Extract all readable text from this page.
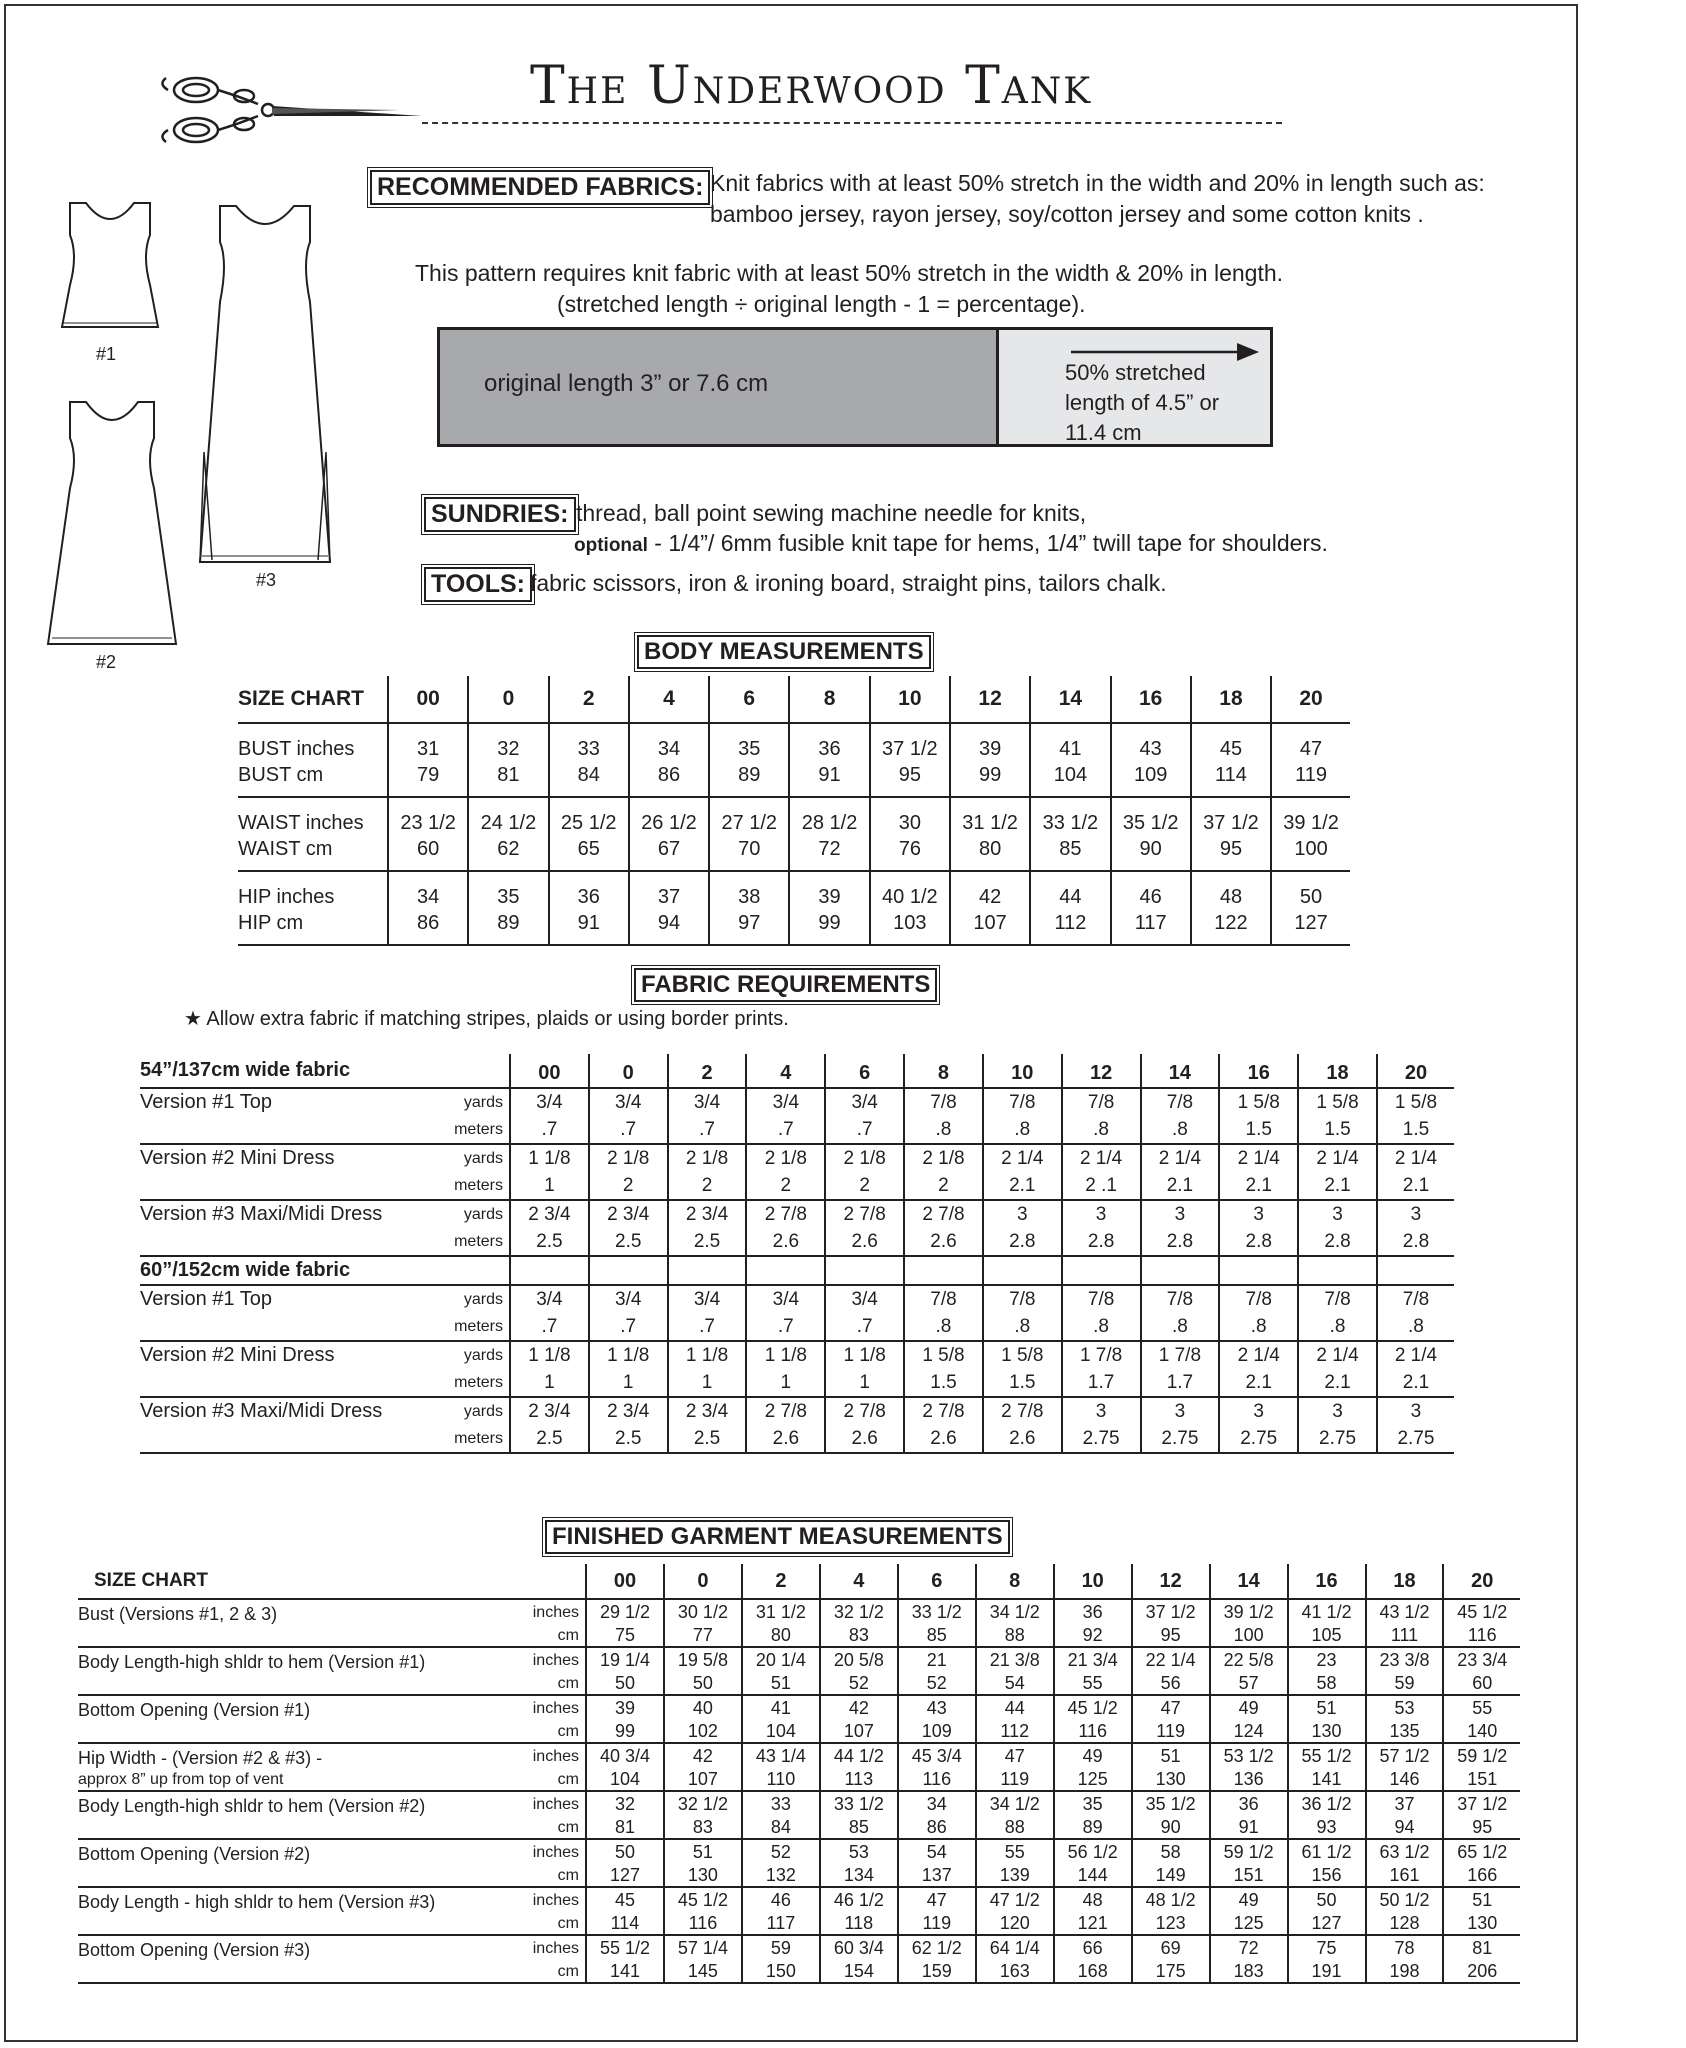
The Underwood Tank
#1
#2
#3
RECOMMENDED FABRICS: Knit fabrics with at least 50% stretch in the width and 20% in length such as:
bamboo jersey, rayon jersey, soy/cotton jersey and some cotton knits .
This pattern requires knit fabric with at least 50% stretch in the width & 20% in length.
(stretched length ÷ original length - 1 = percentage).
original length 3” or 7.6 cm	50% stretched
length of 4.5” or
11.4 cm
SUNDRIES: thread, ball point sewing machine needle for knits,
optional - 1/4”/ 6mm fusible knit tape for hems, 1/4” twill tape for shoulders.
TOOLS: fabric scissors, iron & ironing board, straight pins, tailors chalk.
BODY MEASUREMENTS
SIZE CHART	00	0	2	4	6	8	10	12	14	16	18	20
BUST inches	31	32	33	34	35	36	37 1/2	39	41	43	45	47
BUST cm	79	81	84	86	89	91	95	99	104	109	114	119
WAIST inches	23 1/2	24 1/2	25 1/2	26 1/2	27 1/2	28 1/2	30	31 1/2	33 1/2	35 1/2	37 1/2	39 1/2
WAIST cm	60	62	65	67	70	72	76	80	85	90	95	100
HIP inches	34	35	36	37	38	39	40 1/2	42	44	46	48	50
HIP cm	86	89	91	94	97	99	103	107	112	117	122	127
FABRIC REQUIREMENTS
★ Allow extra fabric if matching stripes, plaids or using border prints.
54”/137cm wide fabric		00	0	2	4	6	8	10	12	14	16	18	20
Version #1 Top	yards	3/4	3/4	3/4	3/4	3/4	7/8	7/8	7/8	7/8	1 5/8	1 5/8	1 5/8
	meters	.7	.7	.7	.7	.7	.8	.8	.8	.8	1.5	1.5	1.5
Version #2 Mini Dress	yards	1 1/8	2 1/8	2 1/8	2 1/8	2 1/8	2 1/8	2 1/4	2 1/4	2 1/4	2 1/4	2 1/4	2 1/4
	meters	1	2	2	2	2	2	2.1	2 .1	2.1	2.1	2.1	2.1
Version #3 Maxi/Midi Dress	yards	2 3/4	2 3/4	2 3/4	2 7/8	2 7/8	2 7/8	3	3	3	3	3	3
	meters	2.5	2.5	2.5	2.6	2.6	2.6	2.8	2.8	2.8	2.8	2.8	2.8
60”/152cm wide fabric													
Version #1 Top	yards	3/4	3/4	3/4	3/4	3/4	7/8	7/8	7/8	7/8	7/8	7/8	7/8
	meters	.7	.7	.7	.7	.7	.8	.8	.8	.8	.8	.8	.8
Version #2 Mini Dress	yards	1 1/8	1 1/8	1 1/8	1 1/8	1 1/8	1 5/8	1 5/8	1 7/8	1 7/8	2 1/4	2 1/4	2 1/4
	meters	1	1	1	1	1	1.5	1.5	1.7	1.7	2.1	2.1	2.1
Version #3 Maxi/Midi Dress	yards	2 3/4	2 3/4	2 3/4	2 7/8	2 7/8	2 7/8	2 7/8	3	3	3	3	3
	meters	2.5	2.5	2.5	2.6	2.6	2.6	2.6	2.75	2.75	2.75	2.75	2.75
FINISHED GARMENT MEASUREMENTS
SIZE CHART		00	0	2	4	6	8	10	12	14	16	18	20
Bust (Versions #1, 2 & 3)	inches	29 1/2	30 1/2	31 1/2	32 1/2	33 1/2	34 1/2	36	37 1/2	39 1/2	41 1/2	43 1/2	45 1/2
	cm	75	77	80	83	85	88	92	95	100	105	111	116
Body Length-high shldr to hem (Version #1)	inches	19 1/4	19 5/8	20 1/4	20 5/8	21	21 3/8	21 3/4	22 1/4	22 5/8	23	23 3/8	23 3/4
	cm	50	50	51	52	52	54	55	56	57	58	59	60
Bottom Opening (Version #1)	inches	39	40	41	42	43	44	45 1/2	47	49	51	53	55
	cm	99	102	104	107	109	112	116	119	124	130	135	140
Hip Width - (Version #2 & #3) -	inches	40 3/4	42	43 1/4	44 1/2	45 3/4	47	49	51	53 1/2	55 1/2	57 1/2	59 1/2
approx 8” up from top of vent	cm	104	107	110	113	116	119	125	130	136	141	146	151
Body Length-high shldr to hem (Version #2)	inches	32	32 1/2	33	33 1/2	34	34 1/2	35	35 1/2	36	36 1/2	37	37 1/2
	cm	81	83	84	85	86	88	89	90	91	93	94	95
Bottom Opening (Version #2)	inches	50	51	52	53	54	55	56 1/2	58	59 1/2	61 1/2	63 1/2	65 1/2
	cm	127	130	132	134	137	139	144	149	151	156	161	166
Body Length - high shldr to hem (Version #3)	inches	45	45 1/2	46	46 1/2	47	47 1/2	48	48 1/2	49	50	50 1/2	51
	cm	114	116	117	118	119	120	121	123	125	127	128	130
Bottom Opening (Version #3)	inches	55 1/2	57 1/4	59	60 3/4	62 1/2	64 1/4	66	69	72	75	78	81
	cm	141	145	150	154	159	163	168	175	183	191	198	206
